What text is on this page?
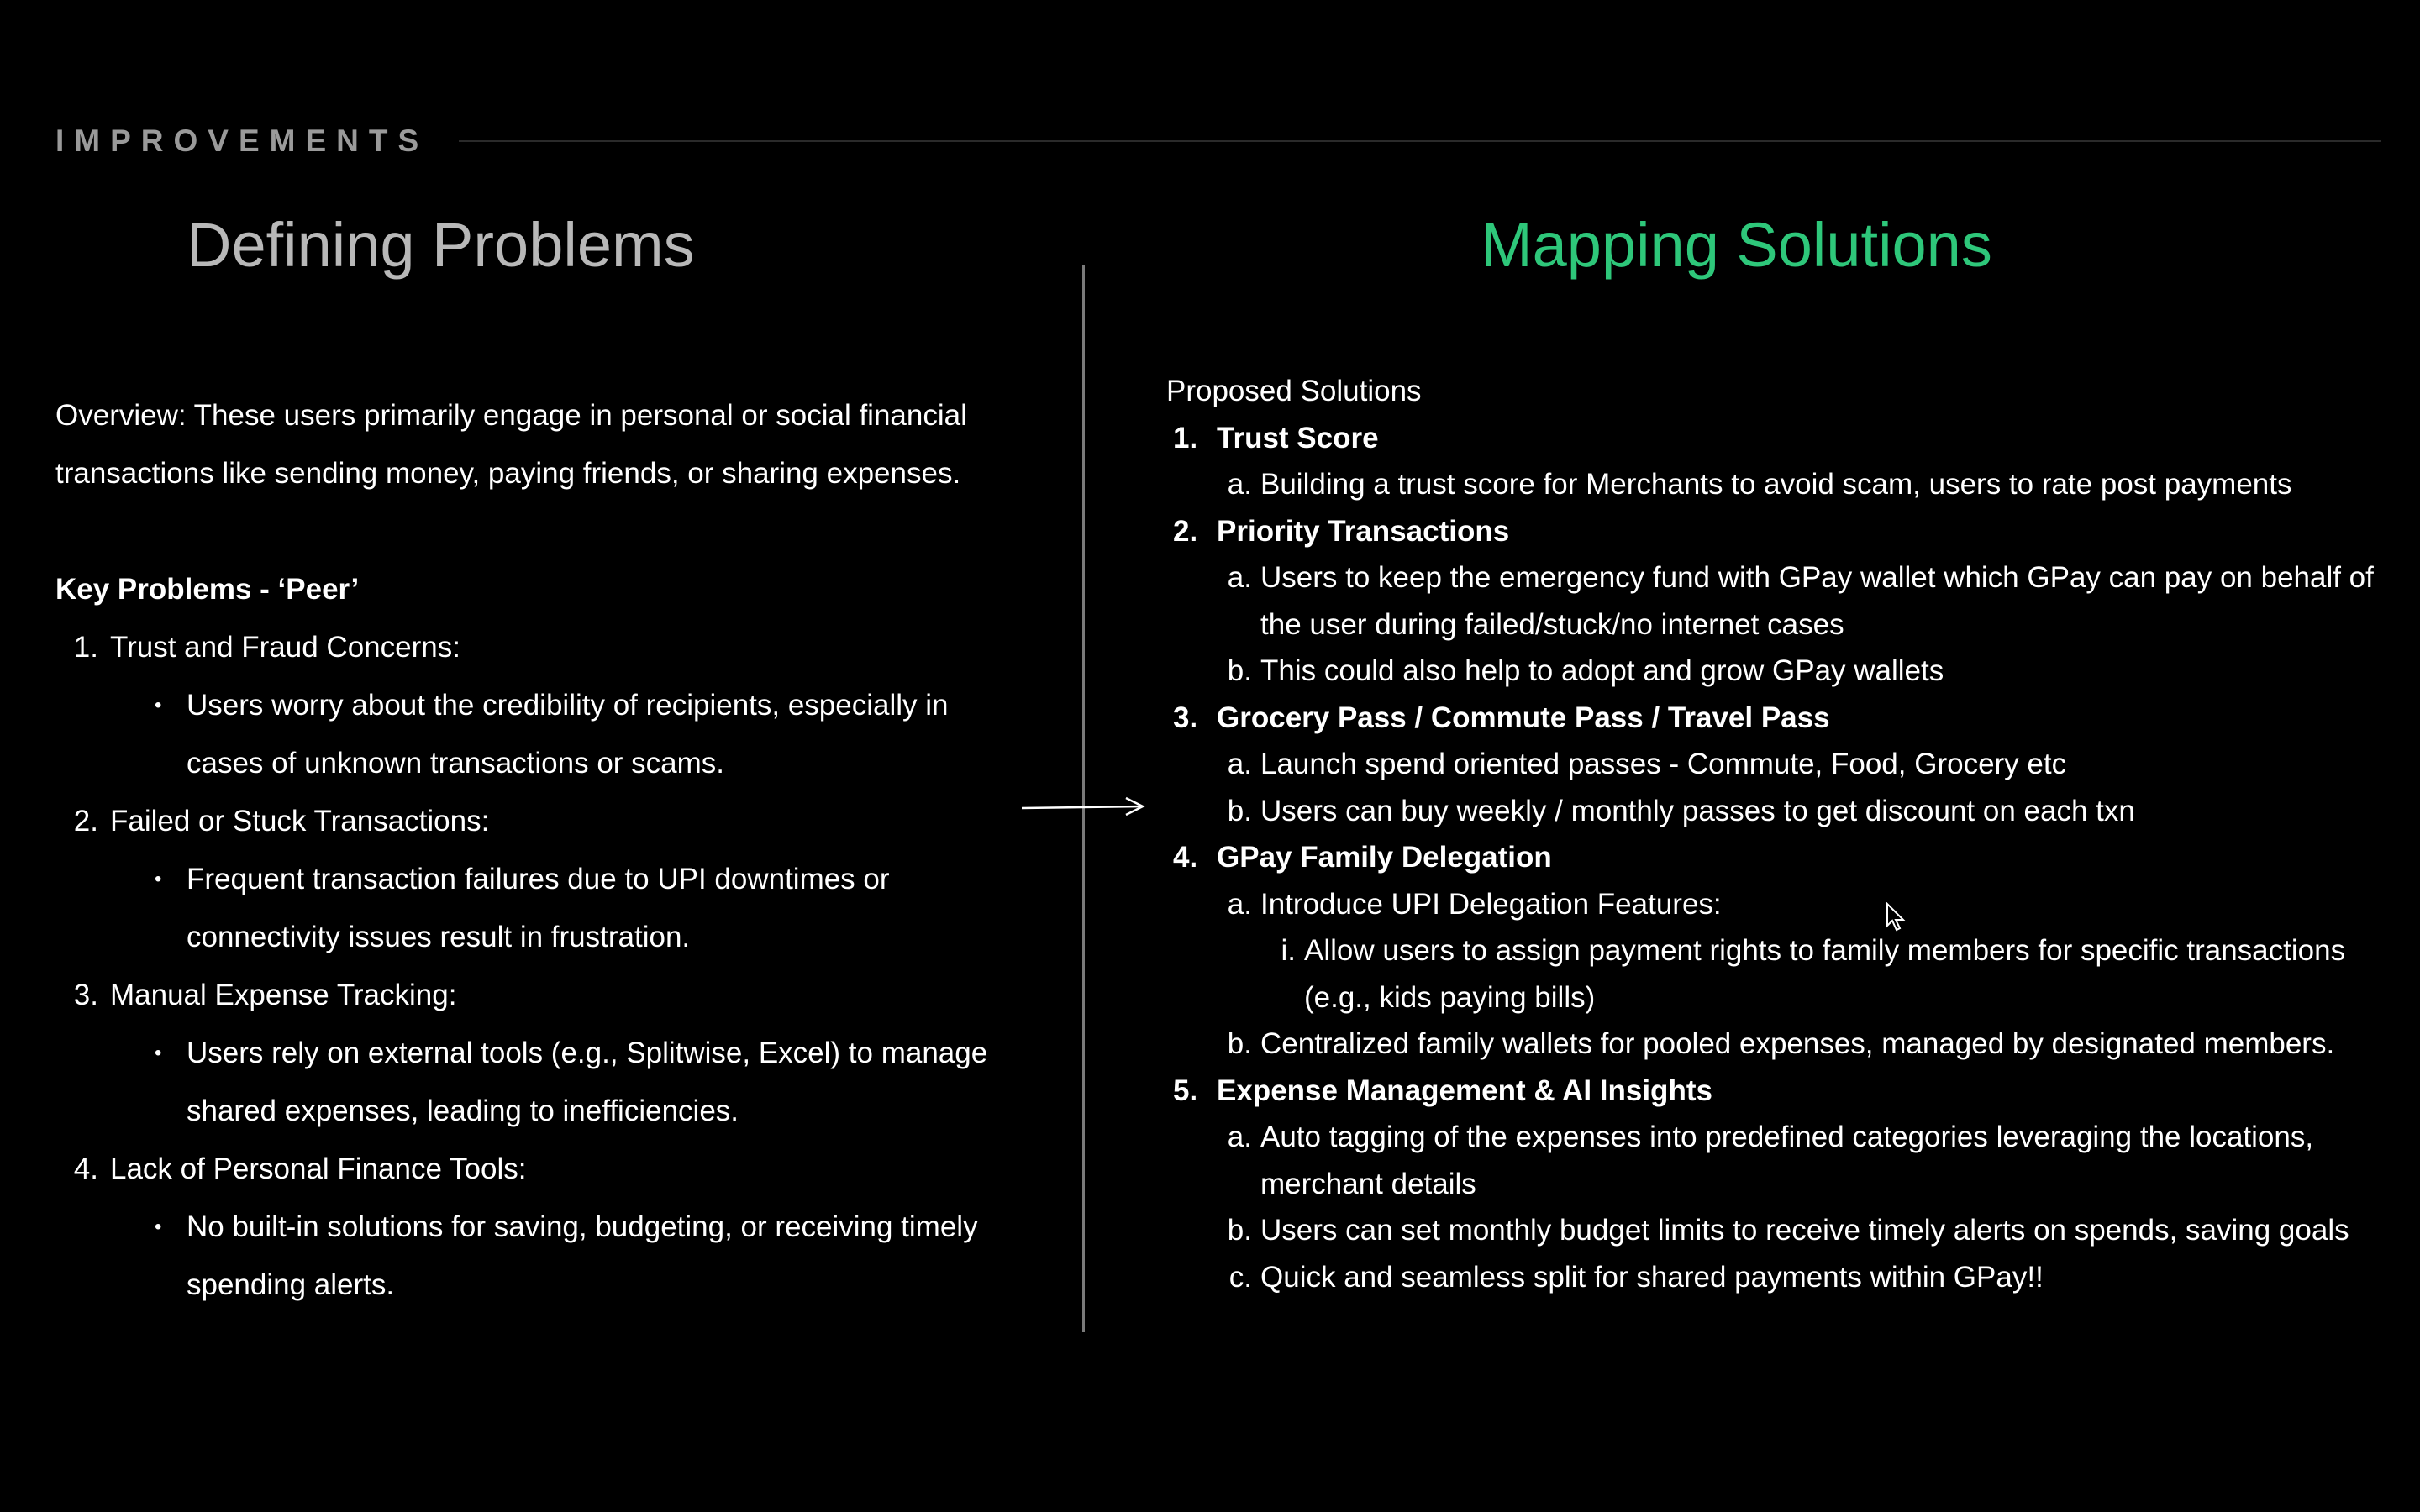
IMPROVEMENTS
Defining Problems	Mapping Solutions

Overview: These users primarily engage in personal or social financial transactions like sending money, paying friends, or sharing expenses.

Key Problems - ‘Peer’
1. Trust and Fraud Concerns:
• Users worry about the credibility of recipients, especially in cases of unknown transactions or scams.
2. Failed or Stuck Transactions:
• Frequent transaction failures due to UPI downtimes or connectivity issues result in frustration.
3. Manual Expense Tracking:
• Users rely on external tools (e.g., Splitwise, Excel) to manage shared expenses, leading to inefficiencies.
4. Lack of Personal Finance Tools:
• No built-in solutions for saving, budgeting, or receiving timely spending alerts.
Proposed Solutions
1. Trust Score
a. Building a trust score for Merchants to avoid scam, users to rate post payments
2. Priority Transactions
a. Users to keep the emergency fund with GPay wallet which GPay can pay on behalf of the user during failed/stuck/no internet cases
b. This could also help to adopt and grow GPay wallets
3. Grocery Pass / Commute Pass / Travel Pass
a. Launch spend oriented passes - Commute, Food, Grocery etc
b. Users can buy weekly / monthly passes to get discount on each txn
4. GPay Family Delegation
a. Introduce UPI Delegation Features:
i. Allow users to assign payment rights to family members for specific transactions (e.g., kids paying bills)
b. Centralized family wallets for pooled expenses, managed by designated members.
5. Expense Management & AI Insights
a. Auto tagging of the expenses into predefined categories leveraging the locations, merchant details
b. Users can set monthly budget limits to receive timely alerts on spends, saving goals
c. Quick and seamless split for shared payments within GPay!!
